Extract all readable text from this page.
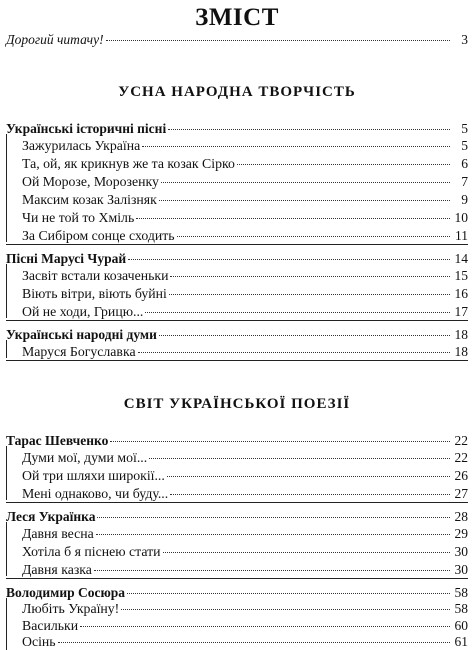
ЗМІСТ
Дорогий читачу!	3
УСНА НАРОДНА ТВОРЧІСТЬ
Українські історичні пісні	5
Зажурилась Україна	5
Та, ой, як крикнув же та козак Сірко	6
Ой Морозе, Морозенку	7
Максим козак Залізняк	9
Чи не той то Хміль	10
За Сибіром сонце сходить	11
Пісні Марусі Чурай	14
Засвіт встали козаченьки	15
Віють вітри, віють буйні	16
Ой не ходи, Грицю...	17
Українські народні думи	18
Маруся Богуславка	18
СВІТ УКРАЇНСЬКОЇ ПОЕЗІЇ
Тарас Шевченко	22
Думи мої, думи мої...	22
Ой три шляхи широкії...	26
Мені однаково, чи буду...	27
Леся Українка	28
Давня весна	29
Хотіла б я піснею стати	30
Давня казка	30
Володимир Сосюра	58
Любіть Україну!	58
Васильки	60
Осінь	61
